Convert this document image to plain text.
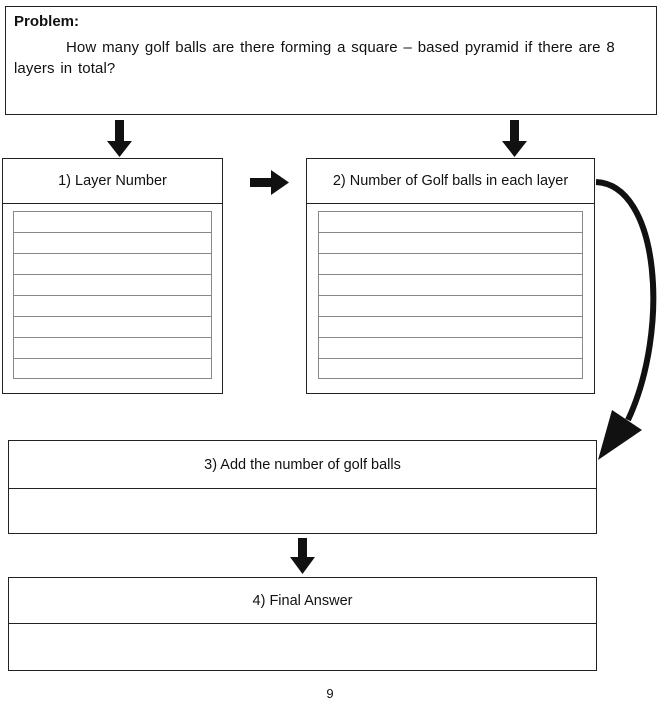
Problem:
How many golf balls are there forming a square – based pyramid if there are 8 layers in total?
1) Layer Number	2) Number of Golf balls in each layer
3) Add the number of golf balls
4) Final Answer
9
